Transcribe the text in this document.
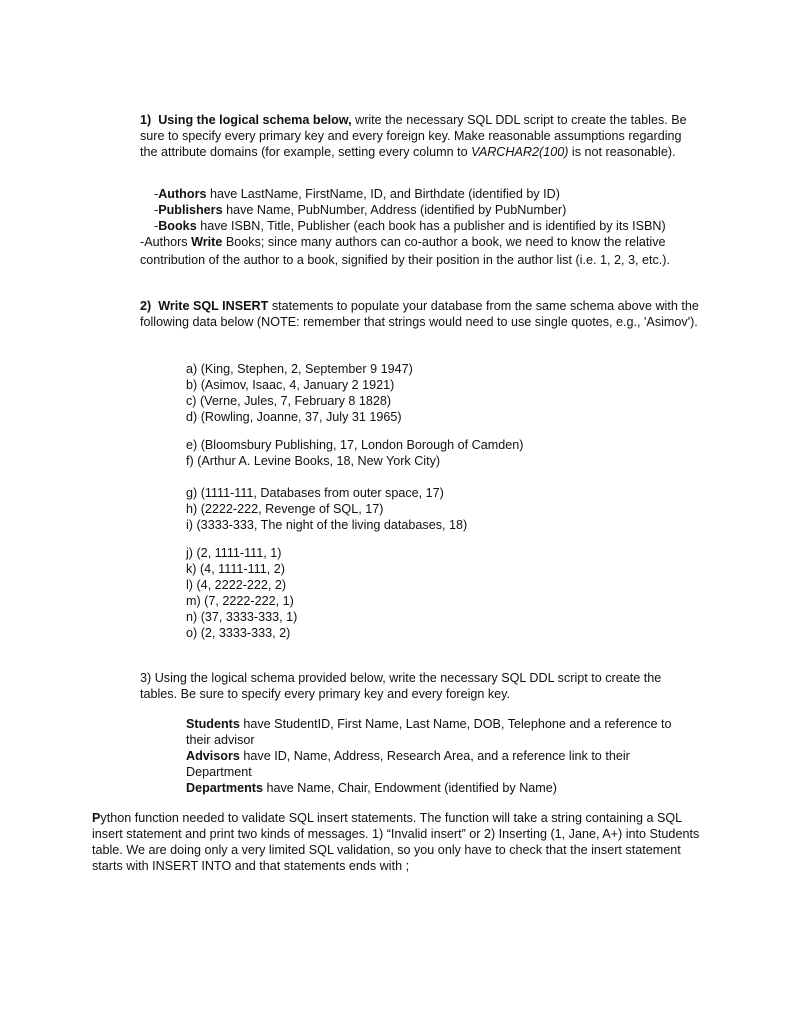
1) Using the logical schema below, write the necessary SQL DDL script to create the tables. Be sure to specify every primary key and every foreign key. Make reasonable assumptions regarding the attribute domains (for example, setting every column to VARCHAR2(100) is not reasonable).

-Authors have LastName, FirstName, ID, and Birthdate (identified by ID)

-Publishers have Name, PubNumber, Address (identified by PubNumber)

-Books have ISBN, Title, Publisher (each book has a publisher and is identified by its ISBN)

-Authors Write Books; since many authors can co-author a book, we need to know the relative

contribution of the author to a book, signified by their position in the author list (i.e. 1, 2, 3, etc.).

2) Write SQL INSERT statements to populate your database from the same schema above with the following data below (NOTE: remember that strings would need to use single quotes, e.g., 'Asimov').

a) (King, Stephen, 2, September 9 1947)

b) (Asimov, Isaac, 4, January 2 1921)

c) (Verne, Jules, 7, February 8 1828)

d) (Rowling, Joanne, 37, July 31 1965)

e) (Bloomsbury Publishing, 17, London Borough of Camden)

f) (Arthur A. Levine Books, 18, New York City)

g) (1111-111, Databases from outer space, 17)

h) (2222-222, Revenge of SQL, 17)

i) (3333-333, The night of the living databases, 18)

j) (2, 1111-111, 1)

k) (4, 1111-111, 2)

l) (4, 2222-222, 2)

m) (7, 2222-222, 1)

n) (37, 3333-333, 1)

o) (2, 3333-333, 2)

3) Using the logical schema provided below, write the necessary SQL DDL script to create the tables. Be sure to specify every primary key and every foreign key.

Students have StudentID, First Name, Last Name, DOB, Telephone and a reference to their advisor

Advisors have ID, Name, Address, Research Area, and a reference link to their Department

Departments have Name, Chair, Endowment (identified by Name)

Python function needed to validate SQL insert statements. The function will take a string containing a SQL insert statement and print two kinds of messages. 1) “Invalid insert” or 2) Inserting (1, Jane, A+) into Students table. We are doing only a very limited SQL validation, so you only have to check that the insert statement starts with INSERT INTO and that statements ends with ;
